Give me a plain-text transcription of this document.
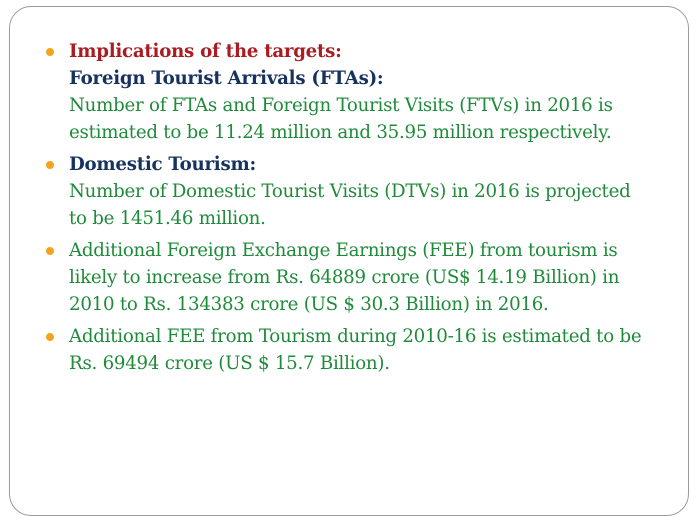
Implications of the targets:
Foreign Tourist Arrivals (FTAs):
Number of FTAs and Foreign Tourist Visits (FTVs) in 2016 is
estimated to be 11.24 million and 35.95 million respectively.
Domestic Tourism:
Number of Domestic Tourist Visits (DTVs) in 2016 is projected
to be 1451.46 million.
Additional Foreign Exchange Earnings (FEE) from tourism is
likely to increase from Rs. 64889 crore (US$ 14.19 Billion) in
2010 to Rs. 134383 crore (US $ 30.3 Billion) in 2016.
Additional FEE from Tourism during 2010-16 is estimated to be
Rs. 69494 crore (US $ 15.7 Billion).
